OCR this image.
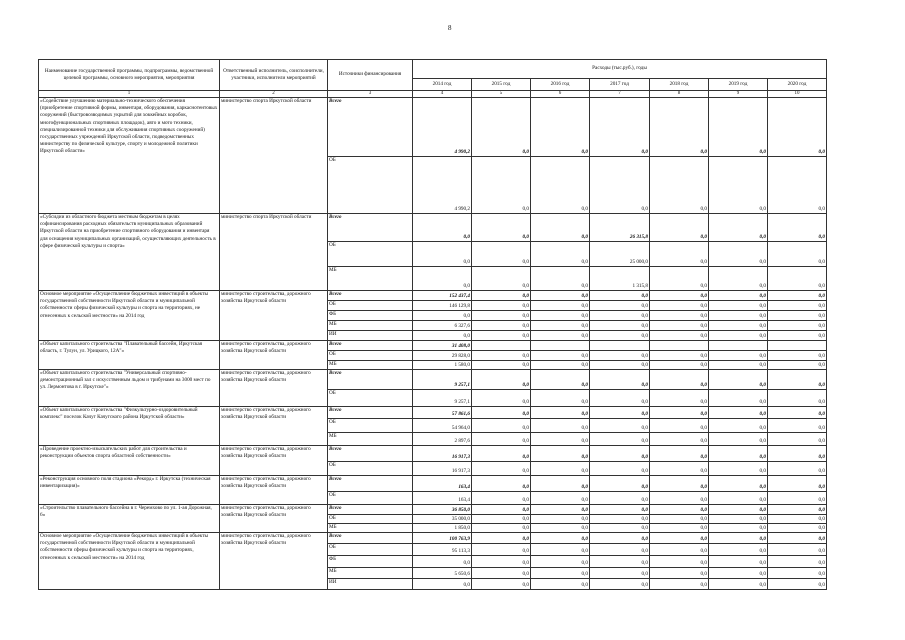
8
Наименование государственной программы, подпрограммы, ведомственной целевой программы, основного мероприятия, мероприятия	Ответственный исполнитель, соисполнители, участники, исполнители мероприятий	Источники финансирования	Расходы (тыс.руб.), годы						
			2014 год	2015 год	2016 год	2017 год	2018 год	2019 год	2020 год
1	2	3	4	5	6	7	8	9	10
«Содействие улучшению материально-технического обеспечения (приобретение спортивной формы, инвентаря, оборудования, каркаснотентовых сооружений (быстровозводимых укрытий для хоккейных коробок, многофункциональных спортивных площадок), авто и мото техники, специализированной техники для обслуживания спортивных сооружений) государственных учреждений Иркутской области, подведомственных министерству по физической культуре, спорту и молодежной политики Иркутской области»	министерство спорта Иркутской области	Всего	4 990,2	0,0	0,0	0,0	0,0	0,0	0,0
		ОБ	4 990,2	0,0	0,0	0,0	0,0	0,0	0,0
«Субсидии из областного бюджета местным бюджетам в целях софинансирования расходных обязательств муниципальных образований Иркутской области на приобретение спортивного оборудования и инвентаря для оснащения муниципальных организаций, осуществляющих деятельность в сфере физической культуры и спорта»	министерство спорта Иркутской области	Всего	0,0	0,0	0,0	26 315,8	0,0	0,0	0,0
		ОБ	0,0	0,0	0,0	25 000,0	0,0	0,0	0,0
		МБ	0,0	0,0	0,0	1 315,8	0,0	0,0	0,0
Основное мероприятие «Осуществление бюджетных инвестиций в объекты государственной собственности Иркутской области и муниципальной собственности сферы физической культуры и спорта на территориях, не отнесенных к сельской местности» на 2014 год	министерство строительства, дорожного хозяйства Иркутской области	Всего	152 437,4	0,0	0,0	0,0	0,0	0,0	0,0
		ОБ	146 129,8	0,0	0,0	0,0	0,0	0,0	0,0
		ФБ	0,0	0,0	0,0	0,0	0,0	0,0	0,0
		МБ	6 327,6	0,0	0,0	0,0	0,0	0,0	0,0
		ИИ	0,0	0,0	0,0	0,0	0,0	0,0	0,0
«Объект капитального строительства "Плавательный бассейн, Иркутская область, г. Тулун, ул. Урицкого, 12А"»	министерство строительства, дорожного хозяйства Иркутской области	Всего	31 408,0						
		ОБ	29 828,0	0,0	0,0	0,0	0,0	0,0	0,0
		МБ	1 580,0	0,0	0,0	0,0	0,0	0,0	0,0
«Объект капитального строительства "Универсальный спортивно-демонстрационный зал с искусственным льдом и трибунами на 3000 мест по ул. Лермонтова в г. Иркутске"»	министерство строительства, дорожного хозяйства Иркутской области	Всего	9 257,1	0,0	0,0	0,0	0,0	0,0	0,0
		ОБ	9 257,1	0,0	0,0	0,0	0,0	0,0	0,0
«Объект капитального строительства "Физкультурно-оздоровительный комплекс" поселок Качуг Качугского района Иркутской области»	министерство строительства, дорожного хозяйства Иркутской области	Всего	57 861,6	0,0	0,0	0,0	0,0	0,0	0,0
		ОБ	54 964,0	0,0	0,0	0,0	0,0	0,0	0,0
		МБ	2 897,6	0,0	0,0	0,0	0,0	0,0	0,0
«Проведение проектно-изыскательских работ для строительства и реконструкции объектов спорта областной собственности»	министерство строительства, дорожного хозяйства Иркутской области	Всего	16 917,3	0,0	0,0	0,0	0,0	0,0	0,0
		ОБ	16 917,3	0,0	0,0	0,0	0,0	0,0	0,0
«Реконструкция основного поля стадиона «Рекорд» г. Иркутска (техническая инвентаризация)»	министерство строительства, дорожного хозяйства Иркутской области	Всего	163,4	0,0	0,0	0,0	0,0	0,0	0,0
		ОБ	163,4	0,0	0,0	0,0	0,0	0,0	0,0
«Строительство плавательного бассейна в г. Черемхово по ул. 1-ая Дорожная, 6»	министерство строительства, дорожного хозяйства Иркутской области	Всего	36 850,0	0,0	0,0	0,0	0,0	0,0	0,0
		ОБ	35 000,0	0,0	0,0	0,0	0,0	0,0	0,0
		МБ	1 850,0	0,0	0,0	0,0	0,0	0,0	0,0
Основное мероприятие «Осуществление бюджетных инвестиций в объекты государственной собственности Иркутской области и муниципальной собственности сферы физической культуры и спорта на территориях, отнесенных к сельской местности» на 2014 год	министерство строительства, дорожного хозяйства Иркутской области	Всего	100 763,9	0,0	0,0	0,0	0,0	0,0	0,0
		ОБ	95 113,3	0,0	0,0	0,0	0,0	0,0	0,0
		ФБ	0,0	0,0	0,0	0,0	0,0	0,0	0,0
		МБ	5 650,6	0,0	0,0	0,0	0,0	0,0	0,0
		ИИ	0,0	0,0	0,0	0,0	0,0	0,0	0,0
